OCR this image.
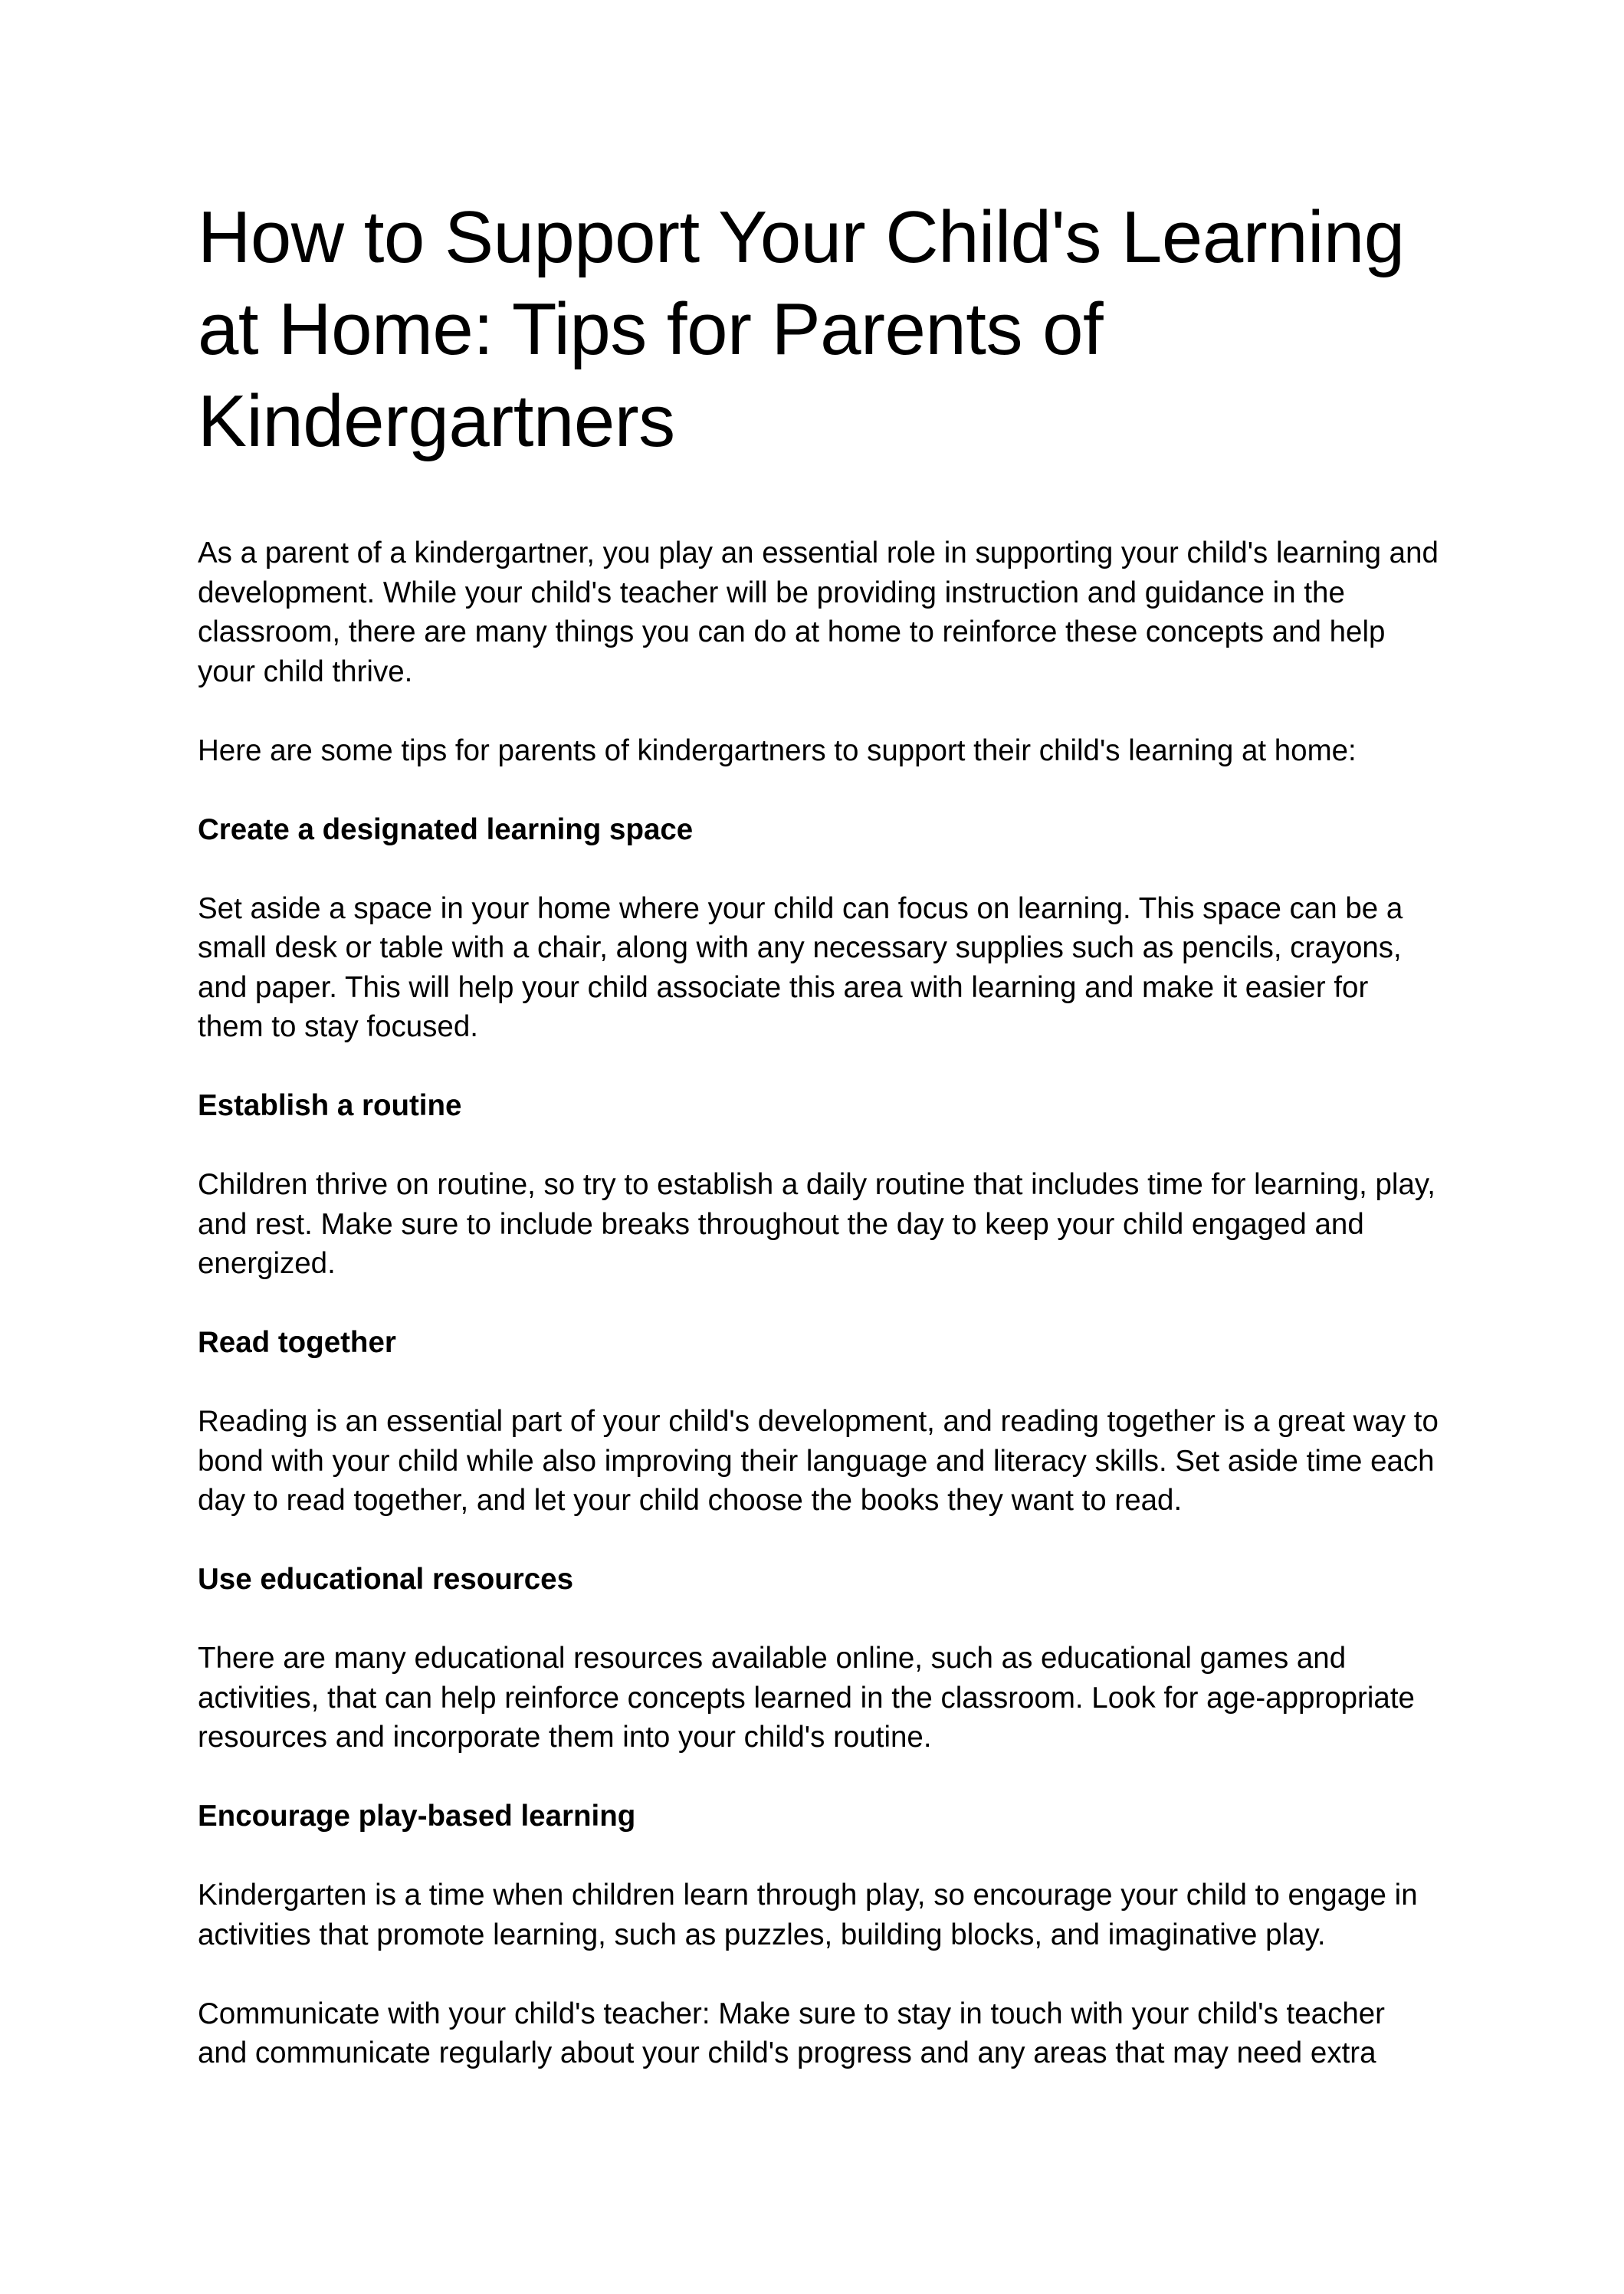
How to Support Your Child's Learning at Home: Tips for Parents of Kindergartners

As a parent of a kindergartner, you play an essential role in supporting your child's learning and development. While your child's teacher will be providing instruction and guidance in the classroom, there are many things you can do at home to reinforce these concepts and help your child thrive.

Here are some tips for parents of kindergartners to support their child's learning at home:

Create a designated learning space

Set aside a space in your home where your child can focus on learning. This space can be a small desk or table with a chair, along with any necessary supplies such as pencils, crayons, and paper. This will help your child associate this area with learning and make it easier for them to stay focused.

Establish a routine

Children thrive on routine, so try to establish a daily routine that includes time for learning, play, and rest. Make sure to include breaks throughout the day to keep your child engaged and energized.

Read together

Reading is an essential part of your child's development, and reading together is a great way to bond with your child while also improving their language and literacy skills. Set aside time each day to read together, and let your child choose the books they want to read.

Use educational resources

There are many educational resources available online, such as educational games and activities, that can help reinforce concepts learned in the classroom. Look for age-appropriate resources and incorporate them into your child's routine.

Encourage play-based learning

Kindergarten is a time when children learn through play, so encourage your child to engage in activities that promote learning, such as puzzles, building blocks, and imaginative play.

Communicate with your child's teacher: Make sure to stay in touch with your child's teacher and communicate regularly about your child's progress and any areas that may need extra
